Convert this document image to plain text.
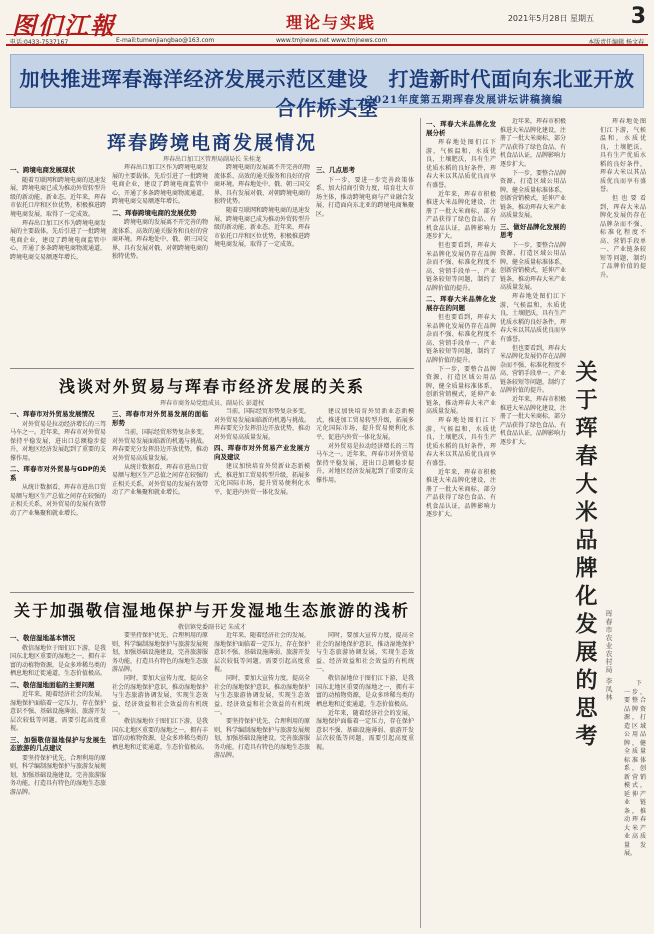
图们江報	理论与实践	2021年5月28日 星期五 3
电话:0433-7537167	E-mail:tumenjiangbao@163.com	www.tmjnews.net www.tmjnews.com	本版责任编辑 杨文春
加快推进珲春海洋经济发展示范区建设　打造新时代面向东北亚开放合作桥头堡
——2021年度第五期珲春发展讲坛讲稿摘编
珲春跨境电商发展情况
珲春出口加工区管理局副局长 朱桂龙
一、跨境电商发展现状

随着互联网和跨境电商的迅速发展，跨境电商已成为推动外贸转型升级的新动能、新业态。近年来，珲春市依托口岸和区位优势，积极推进跨境电商发展，取得了一定成效。

珲春出口加工区作为跨境电商发展的主要载体，先后引进了一批跨境电商企业，建设了跨境电商监管中心，开通了多条跨境电商物流通道，跨境电商交易额逐年增长。

珲春出口加工区作为跨境电商发展的主要载体，先后引进了一批跨境电商企业，建设了跨境电商监管中心，开通了多条跨境电商物流通道，跨境电商交易额逐年增长。

二、珲春跨境电商的发展优势

跨境电商的发展离不开完善的物流体系、高效的通关服务和良好的营商环境。珲春地处中、俄、朝三国交界，具有发展对俄、对朝跨境电商的独特优势。

跨境电商的发展离不开完善的物流体系、高效的通关服务和良好的营商环境。珲春地处中、俄、朝三国交界，具有发展对俄、对朝跨境电商的独特优势。

随着互联网和跨境电商的迅速发展，跨境电商已成为推动外贸转型升级的新动能、新业态。近年来，珲春市依托口岸和区位优势，积极推进跨境电商发展，取得了一定成效。

三、几点思考

下一步，要进一步完善政策体系，加大招商引资力度，培育壮大市场主体，推动跨境电商与产业融合发展，打造面向东北亚的跨境电商集聚区。

浅谈对外贸易与珲春市经济发展的关系
珲春市商务局党组成员、副局长 彭道权
一、珲春市对外贸易发展情况

对外贸易是拉动经济增长的三驾马车之一。近年来，珲春市对外贸易保持平稳发展，进出口总额稳步提升，对地区经济发展起到了重要的支撑作用。

二、珲春市对外贸易与GDP的关系

从统计数据看，珲春市进出口贸易额与地区生产总值之间存在较强的正相关关系，对外贸易的发展有效带动了产业集聚和就业增长。

三、珲春市对外贸易发展的面临形势

当前，国际经贸形势复杂多变，对外贸易发展面临新的机遇与挑战。珲春要充分发挥沿边开放优势，推动对外贸易高质量发展。

从统计数据看，珲春市进出口贸易额与地区生产总值之间存在较强的正相关关系，对外贸易的发展有效带动了产业集聚和就业增长。

当前，国际经贸形势复杂多变，对外贸易发展面临新的机遇与挑战。珲春要充分发挥沿边开放优势，推动对外贸易高质量发展。

四、珲春市对外贸易产业发展方向及建议

建议加快培育外贸新业态新模式，推进加工贸易转型升级，拓展多元化国际市场，提升贸易便利化水平，促进内外贸一体化发展。

建议加快培育外贸新业态新模式，推进加工贸易转型升级，拓展多元化国际市场，提升贸易便利化水平，促进内外贸一体化发展。

对外贸易是拉动经济增长的三驾马车之一。近年来，珲春市对外贸易保持平稳发展，进出口总额稳步提升，对地区经济发展起到了重要的支撑作用。

关于加强敬信湿地保护与开发湿地生态旅游的浅析
敬信镇党委副书记 朱成才
一、敬信湿地基本情况

敬信湿地位于图们江下游，是我国东北地区重要的湿地之一，拥有丰富的动植物资源，是众多珍稀鸟类的栖息地和迁徙通道，生态价值极高。

二、敬信湿地面临的主要问题

近年来，随着经济社会的发展，湿地保护面临着一定压力，存在保护意识不强、基础设施薄弱、旅游开发层次较低等问题，需要引起高度重视。

三、加强敬信湿地保护与发展生态旅游的几点建议

要坚持保护优先、合理利用的原则，科学编制湿地保护与旅游发展规划，加强基础设施建设，完善旅游服务功能，打造具有特色的湿地生态旅游品牌。

要坚持保护优先、合理利用的原则，科学编制湿地保护与旅游发展规划，加强基础设施建设，完善旅游服务功能，打造具有特色的湿地生态旅游品牌。

同时，要加大宣传力度，提高全社会的湿地保护意识，推动湿地保护与生态旅游协调发展，实现生态效益、经济效益和社会效益的有机统一。

敬信湿地位于图们江下游，是我国东北地区重要的湿地之一，拥有丰富的动植物资源，是众多珍稀鸟类的栖息地和迁徙通道，生态价值极高。

近年来，随着经济社会的发展，湿地保护面临着一定压力，存在保护意识不强、基础设施薄弱、旅游开发层次较低等问题，需要引起高度重视。

同时，要加大宣传力度，提高全社会的湿地保护意识，推动湿地保护与生态旅游协调发展，实现生态效益、经济效益和社会效益的有机统一。

要坚持保护优先、合理利用的原则，科学编制湿地保护与旅游发展规划，加强基础设施建设，完善旅游服务功能，打造具有特色的湿地生态旅游品牌。

同时，要加大宣传力度，提高全社会的湿地保护意识，推动湿地保护与生态旅游协调发展，实现生态效益、经济效益和社会效益的有机统一。

敬信湿地位于图们江下游，是我国东北地区重要的湿地之一，拥有丰富的动植物资源，是众多珍稀鸟类的栖息地和迁徙通道，生态价值极高。

近年来，随着经济社会的发展，湿地保护面临着一定压力，存在保护意识不强、基础设施薄弱、旅游开发层次较低等问题，需要引起高度重视。

一、珲春大米品牌化发展分析

珲春地处图们江下游，气候温和，水质优良，土壤肥沃，具有生产优质水稻的良好条件，珲春大米以其品质优良而享有盛誉。

近年来，珲春市积极推进大米品牌化建设，注册了一批大米商标，部分产品获得了绿色食品、有机食品认证，品牌影响力逐步扩大。

但也要看到，珲春大米品牌化发展仍存在品牌杂而不强、标准化程度不高、营销手段单一、产业链条较短等问题，制约了品牌价值的提升。

二、珲春大米品牌化发展存在的问题

但也要看到，珲春大米品牌化发展仍存在品牌杂而不强、标准化程度不高、营销手段单一、产业链条较短等问题，制约了品牌价值的提升。

下一步，要整合品牌资源，打造区域公用品牌，健全质量标准体系，创新营销模式，延伸产业链条，推动珲春大米产业高质量发展。

珲春地处图们江下游，气候温和，水质优良，土壤肥沃，具有生产优质水稻的良好条件，珲春大米以其品质优良而享有盛誉。

近年来，珲春市积极推进大米品牌化建设，注册了一批大米商标，部分产品获得了绿色食品、有机食品认证，品牌影响力逐步扩大。

近年来，珲春市积极推进大米品牌化建设，注册了一批大米商标，部分产品获得了绿色食品、有机食品认证，品牌影响力逐步扩大。

下一步，要整合品牌资源，打造区域公用品牌，健全质量标准体系，创新营销模式，延伸产业链条，推动珲春大米产业高质量发展。

三、做好品牌化发展的思考

下一步，要整合品牌资源，打造区域公用品牌，健全质量标准体系，创新营销模式，延伸产业链条，推动珲春大米产业高质量发展。

珲春地处图们江下游，气候温和，水质优良，土壤肥沃，具有生产优质水稻的良好条件，珲春大米以其品质优良而享有盛誉。

但也要看到，珲春大米品牌化发展仍存在品牌杂而不强、标准化程度不高、营销手段单一、产业链条较短等问题，制约了品牌价值的提升。

近年来，珲春市积极推进大米品牌化建设，注册了一批大米商标，部分产品获得了绿色食品、有机食品认证，品牌影响力逐步扩大。	关于珲春大米品牌化发展的思考 珲春市农业农村局 李凤林

珲春地处图们江下游，气候温和，水质优良，土壤肥沃，具有生产优质水稻的良好条件，珲春大米以其品质优良而享有盛誉。

但也要看到，珲春大米品牌化发展仍存在品牌杂而不强、标准化程度不高、营销手段单一、产业链条较短等问题，制约了品牌价值的提升。

下一步，要整合品牌资源，打造区域公用品牌，健全质量标准体系，创新营销模式，延伸产业链条，推动珲春大米产业高质量发展。
